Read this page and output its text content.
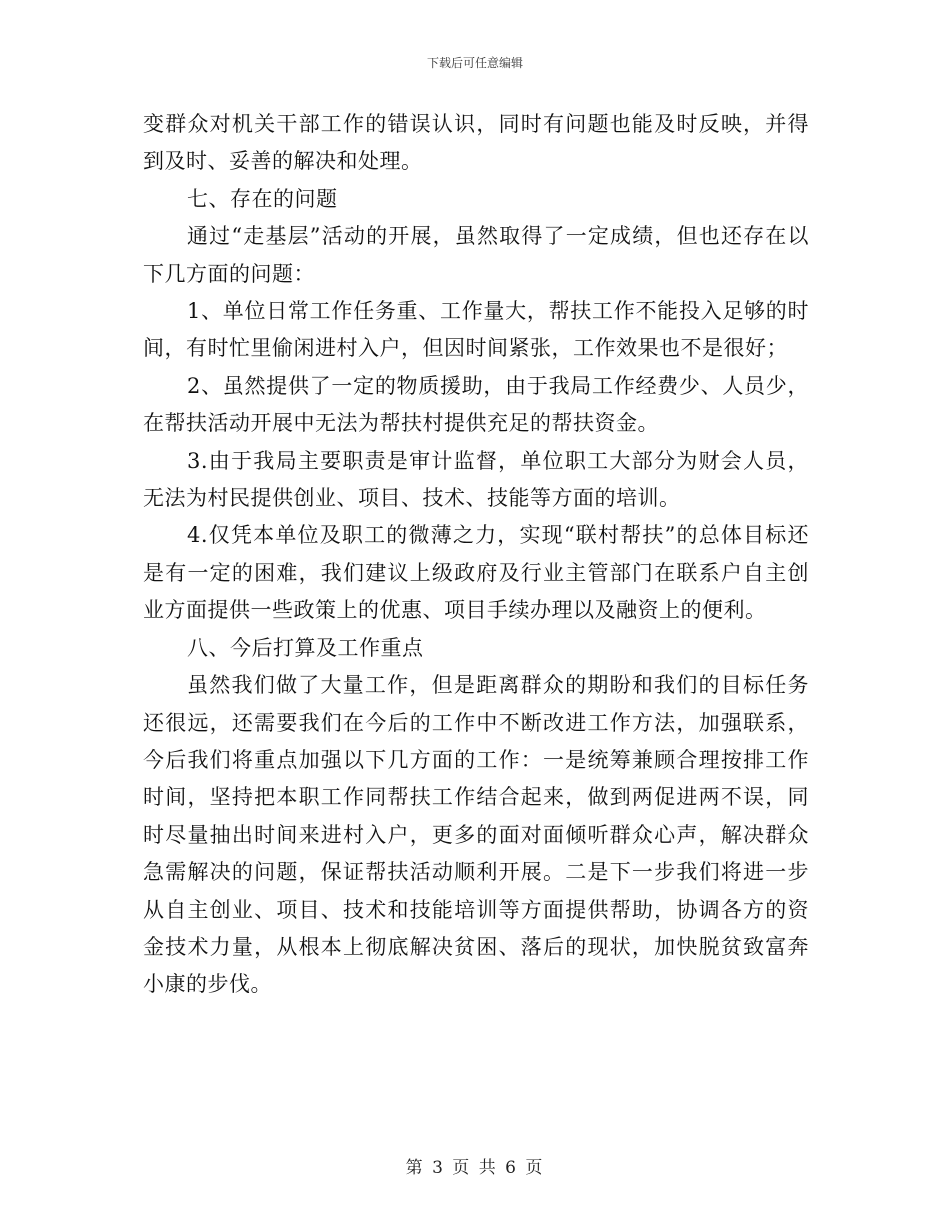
下载后可任意编辑

变群众对机关干部工作的错误认识，同时有问题也能及时反映，并得到及时、妥善的解决和处理。

七、存在的问题

通过“走基层”活动的开展，虽然取得了一定成绩，但也还存在以下几方面的问题：

1、单位日常工作任务重、工作量大，帮扶工作不能投入足够的时间，有时忙里偷闲进村入户，但因时间紧张，工作效果也不是很好；

2、虽然提供了一定的物质援助，由于我局工作经费少、人员少，在帮扶活动开展中无法为帮扶村提供充足的帮扶资金。

3.由于我局主要职责是审计监督，单位职工大部分为财会人员，无法为村民提供创业、项目、技术、技能等方面的培训。

4.仅凭本单位及职工的微薄之力，实现“联村帮扶”的总体目标还是有一定的困难，我们建议上级政府及行业主管部门在联系户自主创业方面提供一些政策上的优惠、项目手续办理以及融资上的便利。

八、今后打算及工作重点

虽然我们做了大量工作，但是距离群众的期盼和我们的目标任务还很远，还需要我们在今后的工作中不断改进工作方法，加强联系，今后我们将重点加强以下几方面的工作：一是统筹兼顾合理按排工作时间，坚持把本职工作同帮扶工作结合起来，做到两促进两不误，同时尽量抽出时间来进村入户，更多的面对面倾听群众心声，解决群众急需解决的问题，保证帮扶活动顺利开展。二是下一步我们将进一步从自主创业、项目、技术和技能培训等方面提供帮助，协调各方的资金技术力量，从根本上彻底解决贫困、落后的现状，加快脱贫致富奔小康的步伐。

第 3 页 共 6 页
